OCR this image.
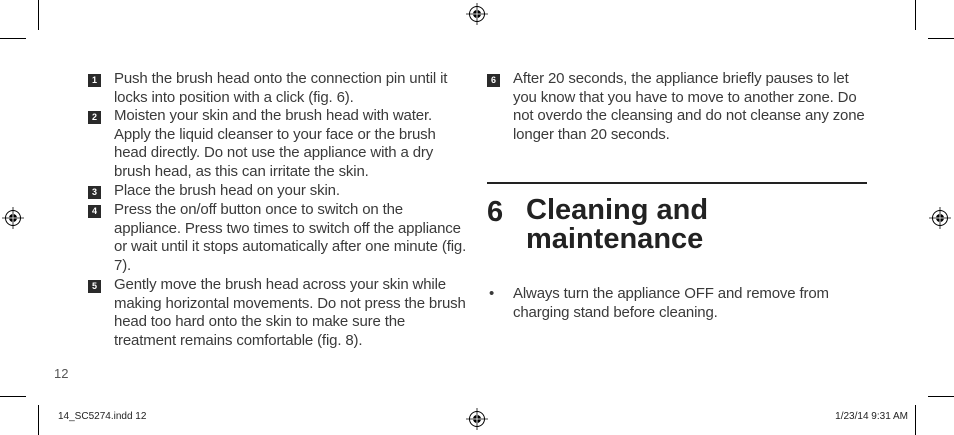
1 Push the brush head onto the connection pin until it locks into position with a click (fig. 6).
2 Moisten your skin and the brush head with water. Apply the liquid cleanser to your face or the brush head directly. Do not use the appliance with a dry brush head, as this can irritate the skin.
3 Place the brush head on your skin.
4 Press the on/off button once to switch on the appliance. Press two times to switch off the appliance or wait until it stops automatically after one minute (fig. 7).
5 Gently move the brush head across your skin while making horizontal movements. Do not press the brush head too hard onto the skin to make sure the treatment remains comfortable (fig. 8).
6 After 20 seconds, the appliance briefly pauses to let you know that you have to move to another zone. Do not overdo the cleansing and do not cleanse any zone longer than 20 seconds.
6 Cleaning and maintenance
• Always turn the appliance OFF and remove from charging stand before cleaning.
12
14_SC5274.indd 12	1/23/14 9:31 AM
